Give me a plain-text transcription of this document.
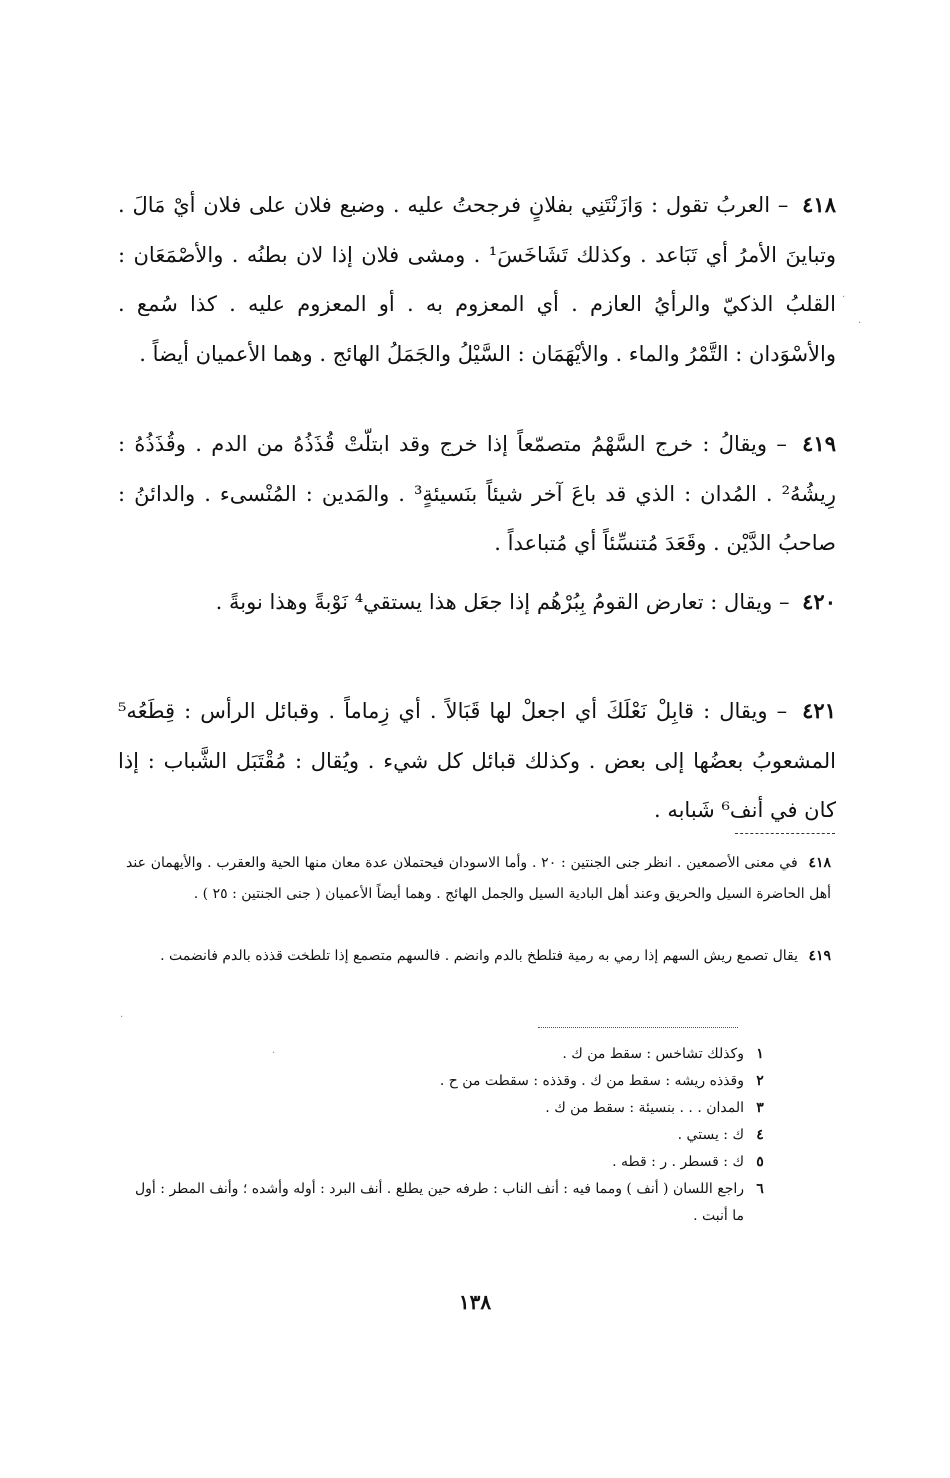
٤١٨ – العربُ تقول : وَازَنْتَنِي بفلانٍ فرجحتُ عليه . وضبع فلان على فلان أيْ مَالَ . وتباينَ الأمرُ أي تَبَاعد . وكذلك تَشَاخَسَ¹ . ومشى فلان إذا لان بطنُه . والأصْمَعَان : القلبُ الذكيّ والرأيُ العازم . أي المعزوم به . أو المعزوم عليه . كذا سُمع . والأسْوَدان : التَّمْرُ والماء . والأيْهَمَان : السَّيْلُ والجَمَلُ الهائج . وهما الأعميان أيضاً .

٤١٩ – ويقالُ : خرج السَّهْمُ متصمّعاً إذا خرج وقد ابتلّتْ قُذَذُهُ من الدم . وقُذَذُهُ : رِيشُهُ² . المُدان : الذي قد باعَ آخر شيئاً بنَسيئةٍ³ . والمَدين : المُنْسىء . والدائنُ : صاحبُ الدَّيْن . وقَعَدَ مُتنسِّئاً أي مُتباعداً .

٤٢٠ – ويقال : تعارض القومُ بِبُرْهُم إذا جعَل هذا يستقي⁴ نَوْبةً وهذا نوبةً .

٤٢١ – ويقال : قابِلْ نَعْلَكَ أي اجعلْ لها قَبَالاً . أي زِماماً . وقبائل الرأس : قِطَعُه⁵ المشعوبُ بعضُها إلى بعض . وكذلك قبائل كل شيء . ويُقال : مُقْتَبَل الشَّباب : إذا كان في أنف⁶ شَبابه .

٤١٨ في معنى الأصمعين . انظر جنى الجنتين : ٢٠ . وأما الاسودان فيحتملان عدة معان منها الحية والعقرب . والأيهمان عند أهل الحاضرة السيل والحريق وعند أهل البادية السيل والجمل الهائج . وهما أيضاً الأعميان ( جنى الجنتين : ٢٥ ) .

٤١٩ يقال تصمع ريش السهم إذا رمي به رمية فتلطخ بالدم وانضم . فالسهم متصمع إذا تلطخت قذذه بالدم فانضمت .

١
وكذلك تشاخس : سقط من ك .
٢
وقذذه ريشه : سقط من ك . وقذذه : سقطت من ح .
٣
المدان . . . بنسيئة : سقط من ك .
٤
ك : يستي .
٥
ك : قسطر . ر : قطه .
٦
راجع اللسان ( أنف ) ومما فيه : أنف الناب : طرفه حين يطلع . أنف البرد : أوله وأشده ؛ وأنف المطر : أول ما أنبت .
١٣٨
·
·
·
·
